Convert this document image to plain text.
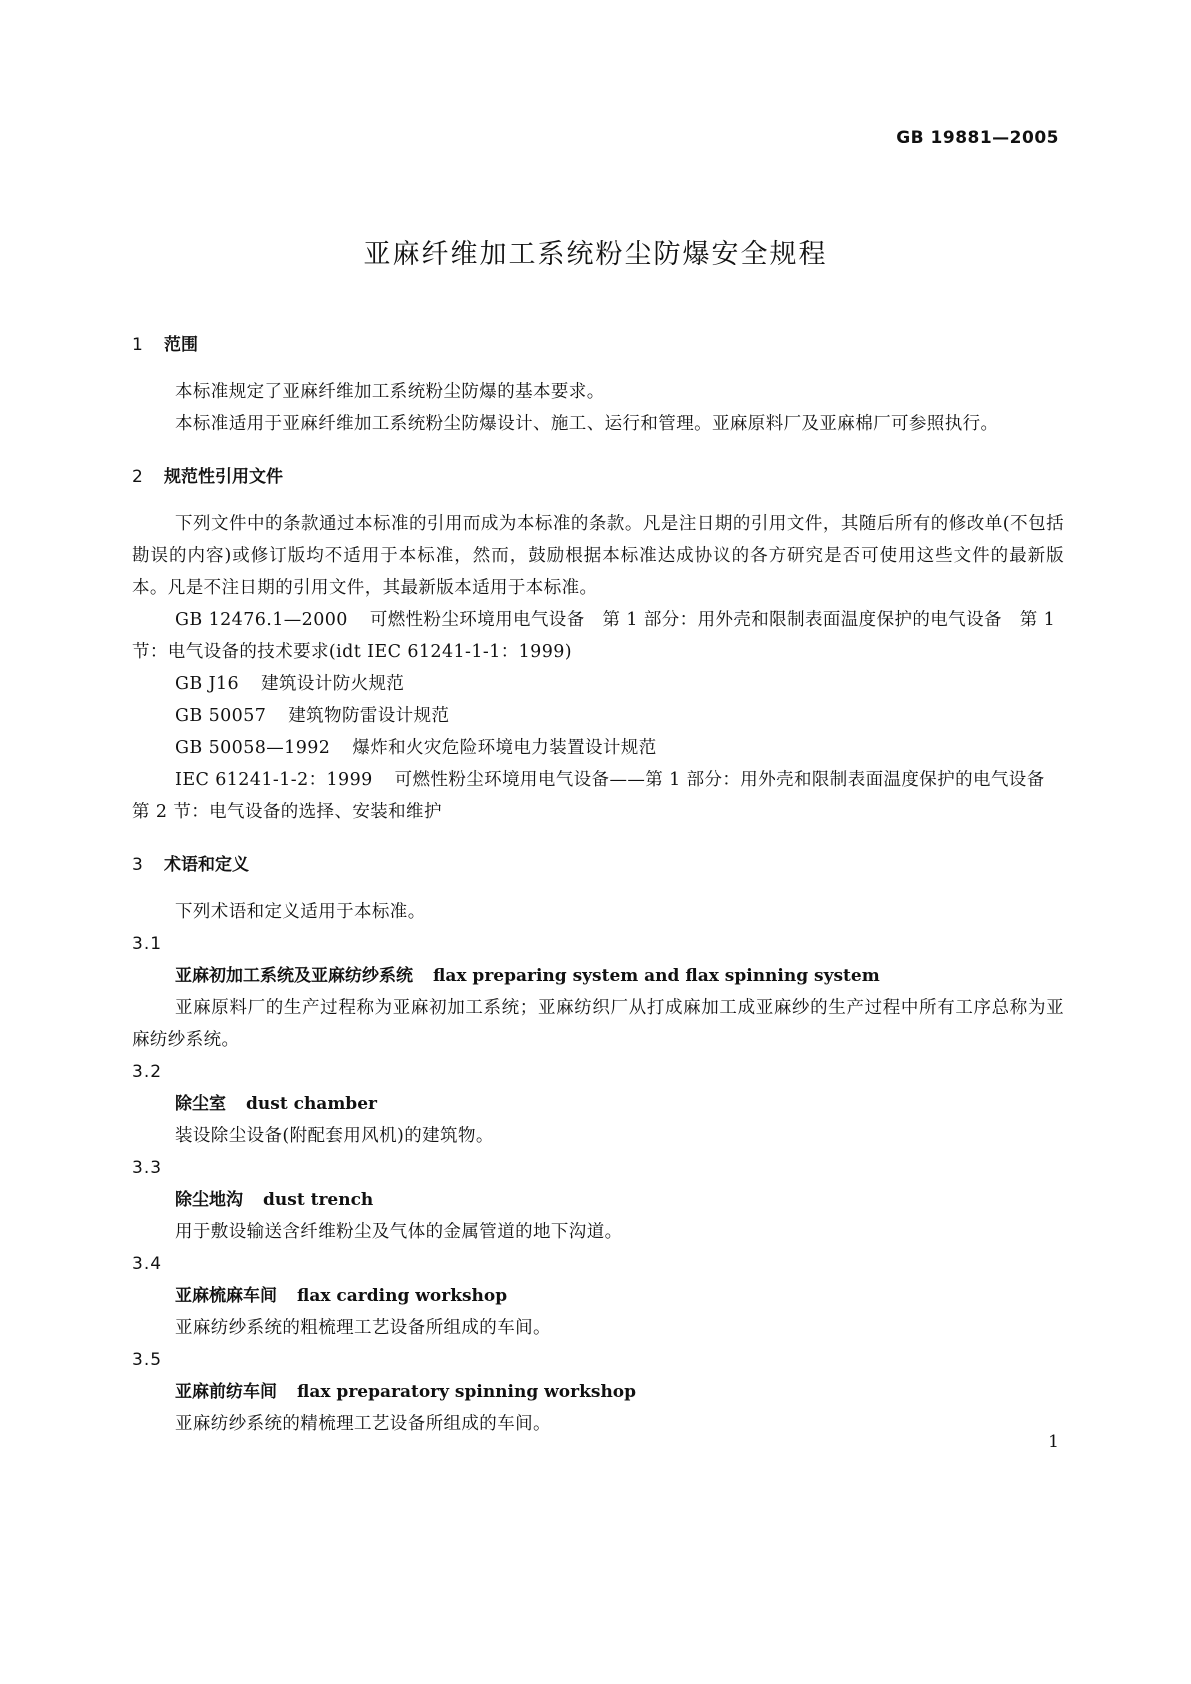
GB 19881—2005
亚麻纤维加工系统粉尘防爆安全规程
1 范围

本标准规定了亚麻纤维加工系统粉尘防爆的基本要求。

本标准适用于亚麻纤维加工系统粉尘防爆设计、施工、运行和管理。亚麻原料厂及亚麻棉厂可参照执行。

2 规范性引用文件

下列文件中的条款通过本标准的引用而成为本标准的条款。凡是注日期的引用文件，其随后所有的修改单(不包括勘误的内容)或修订版均不适用于本标准，然而，鼓励根据本标准达成协议的各方研究是否可使用这些文件的最新版本。凡是不注日期的引用文件，其最新版本适用于本标准。

GB 12476.1—2000 可燃性粉尘环境用电气设备　第 1 部分：用外壳和限制表面温度保护的电气设备　第 1 节：电气设备的技术要求(idt IEC 61241-1-1：1999)

GB J16 建筑设计防火规范

GB 50057 建筑物防雷设计规范

GB 50058—1992 爆炸和火灾危险环境电力装置设计规范

IEC 61241-1-2：1999 可燃性粉尘环境用电气设备——第 1 部分：用外壳和限制表面温度保护的电气设备　第 2 节：电气设备的选择、安装和维护

3 术语和定义

下列术语和定义适用于本标准。

3.1
亚麻初加工系统及亚麻纺纱系统 flax preparing system and flax spinning system

亚麻原料厂的生产过程称为亚麻初加工系统；亚麻纺织厂从打成麻加工成亚麻纱的生产过程中所有工序总称为亚麻纺纱系统。

3.2
除尘室 dust chamber

装设除尘设备(附配套用风机)的建筑物。

3.3
除尘地沟 dust trench

用于敷设输送含纤维粉尘及气体的金属管道的地下沟道。

3.4
亚麻梳麻车间 flax carding workshop

亚麻纺纱系统的粗梳理工艺设备所组成的车间。

3.5
亚麻前纺车间 flax preparatory spinning workshop

亚麻纺纱系统的精梳理工艺设备所组成的车间。

1
